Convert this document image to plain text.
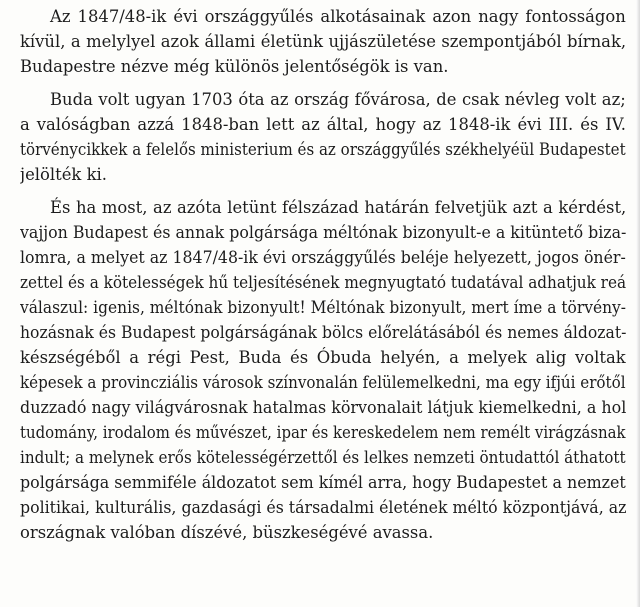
Az 1847/48-ik évi országgyűlés alkotásainak azon nagy fontosságon
kívül, a melylyel azok állami életünk ujjászületése szempontjából bírnak,
Budapestre nézve még különös jelentőségök is van.

Buda volt ugyan 1703 óta az ország fővárosa, de csak névleg volt az;
a valóságban azzá 1848-ban lett az által, hogy az 1848-ik évi III. és IV.
törvénycikkek a felelős ministerium és az országgyűlés székhelyéül Budapestet
jelölték ki.

És ha most, az azóta letünt félszázad határán felvetjük azt a kérdést,
vajjon Budapest és annak polgársága méltónak bizonyult-e a kitüntető biza-
lomra, a melyet az 1847/48-ik évi országgyűlés beléje helyezett, jogos önér-
zettel és a kötelességek hű teljesítésének megnyugtató tudatával adhatjuk reá
válaszul: igenis, méltónak bizonyult! Méltónak bizonyult, mert íme a törvény-
hozásnak és Budapest polgárságának bölcs előrelátásából és nemes áldozat-
készségéből a régi Pest, Buda és Óbuda helyén, a melyek alig voltak
képesek a provincziális városok színvonalán felülemelkedni, ma egy ifjúi erőtől
duzzadó nagy világvárosnak hatalmas körvonalait látjuk kiemelkedni, a hol
tudomány, irodalom és művészet, ipar és kereskedelem nem remélt virágzásnak
indult; a melynek erős kötelességérzettől és lelkes nemzeti öntudattól áthatott
polgársága semmiféle áldozatot sem kímél arra, hogy Budapestet a nemzet
politikai, kulturális, gazdasági és társadalmi életének méltó központjává, az
országnak valóban díszévé, büszkeségévé avassa.
